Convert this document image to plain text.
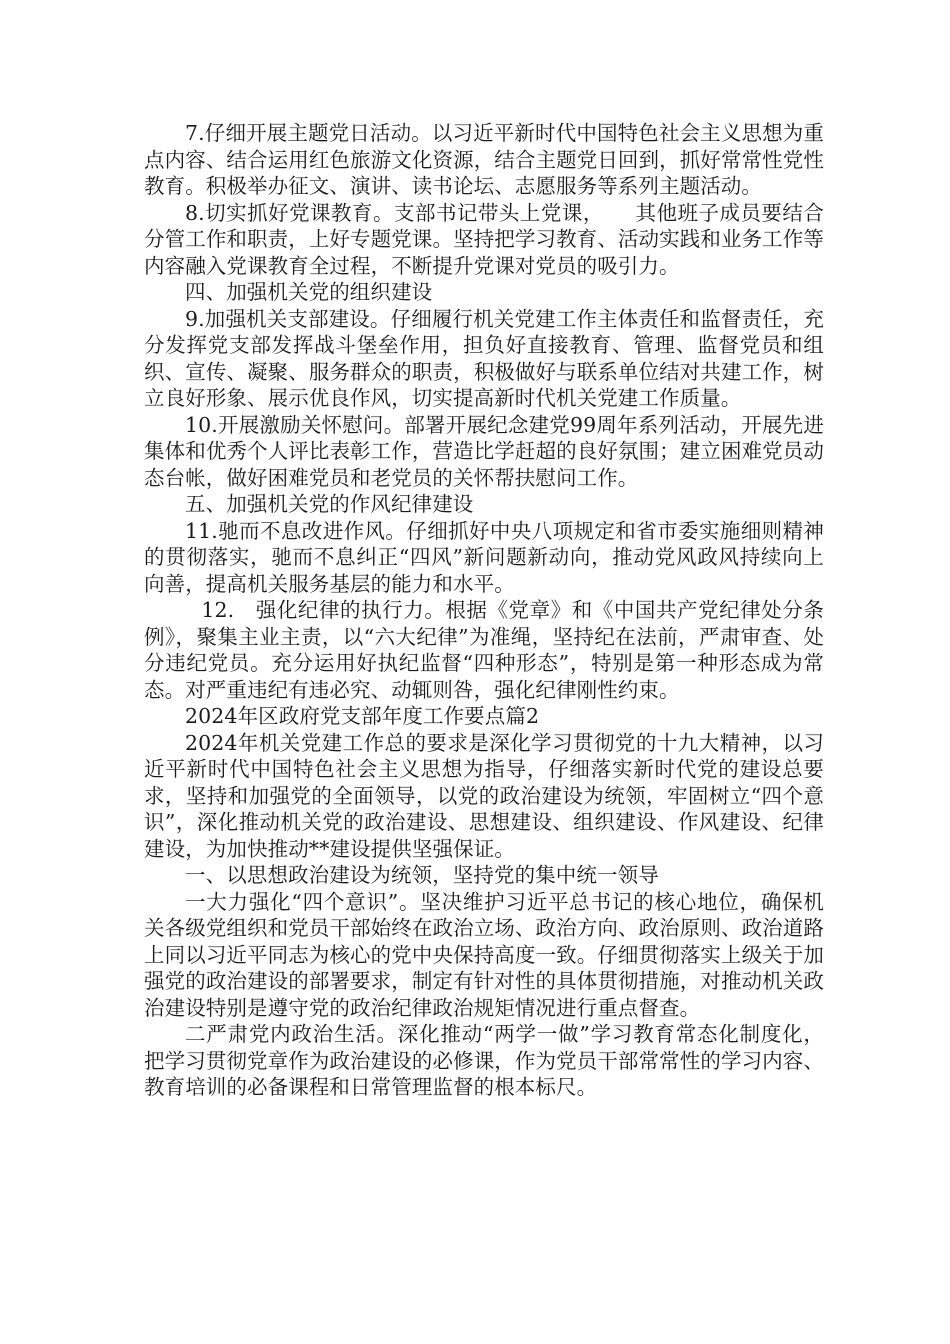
7.仔细开展主题党日活动。以习近平新时代中国特色社会主义思想为重点内容、结合运用红色旅游文化资源，结合主题党日回到，抓好常常性党性教育。积极举办征文、演讲、读书论坛、志愿服务等系列主题活动。

8.切实抓好党课教育。支部书记带头上党课，　　其他班子成员要结合分管工作和职责，上好专题党课。坚持把学习教育、活动实践和业务工作等内容融入党课教育全过程，不断提升党课对党员的吸引力。

四、加强机关党的组织建设

9.加强机关支部建设。仔细履行机关党建工作主体责任和监督责任，充分发挥党支部发挥战斗堡垒作用，担负好直接教育、管理、监督党员和组织、宣传、凝聚、服务群众的职责，积极做好与联系单位结对共建工作，树立良好形象、展示优良作风，切实提高新时代机关党建工作质量。

10.开展激励关怀慰问。部署开展纪念建党99周年系列活动，开展先进集体和优秀个人评比表彰工作，营造比学赶超的良好氛围；建立困难党员动态台帐，做好困难党员和老党员的关怀帮扶慰问工作。

五、加强机关党的作风纪律建设

11.驰而不息改进作风。仔细抓好中央八项规定和省市委实施细则精神的贯彻落实，驰而不息纠正“四风”新问题新动向，推动党风政风持续向上向善，提高机关服务基层的能力和水平。

12.　强化纪律的执行力。根据《党章》和《中国共产党纪律处分条例》，聚集主业主责，以“六大纪律”为准绳，坚持纪在法前，严肃审查、处分违纪党员。充分运用好执纪监督“四种形态”，特别是第一种形态成为常态。对严重违纪有违必究、动辄则咎，强化纪律刚性约束。

2024年区政府党支部年度工作要点篇2

2024年机关党建工作总的要求是深化学习贯彻党的十九大精神，以习近平新时代中国特色社会主义思想为指导，仔细落实新时代党的建设总要求，坚持和加强党的全面领导，以党的政治建设为统领，牢固树立“四个意识”，深化推动机关党的政治建设、思想建设、组织建设、作风建设、纪律建设，为加快推动**建设提供坚强保证。

一、以思想政治建设为统领，坚持党的集中统一领导

一大力强化“四个意识”。坚决维护习近平总书记的核心地位，确保机关各级党组织和党员干部始终在政治立场、政治方向、政治原则、政治道路上同以习近平同志为核心的党中央保持高度一致。仔细贯彻落实上级关于加强党的政治建设的部署要求，制定有针对性的具体贯彻措施，对推动机关政治建设特别是遵守党的政治纪律政治规矩情况进行重点督查。

二严肃党内政治生活。深化推动“两学一做”学习教育常态化制度化，把学习贯彻党章作为政治建设的必修课，作为党员干部常常性的学习内容、教育培训的必备课程和日常管理监督的根本标尺。
